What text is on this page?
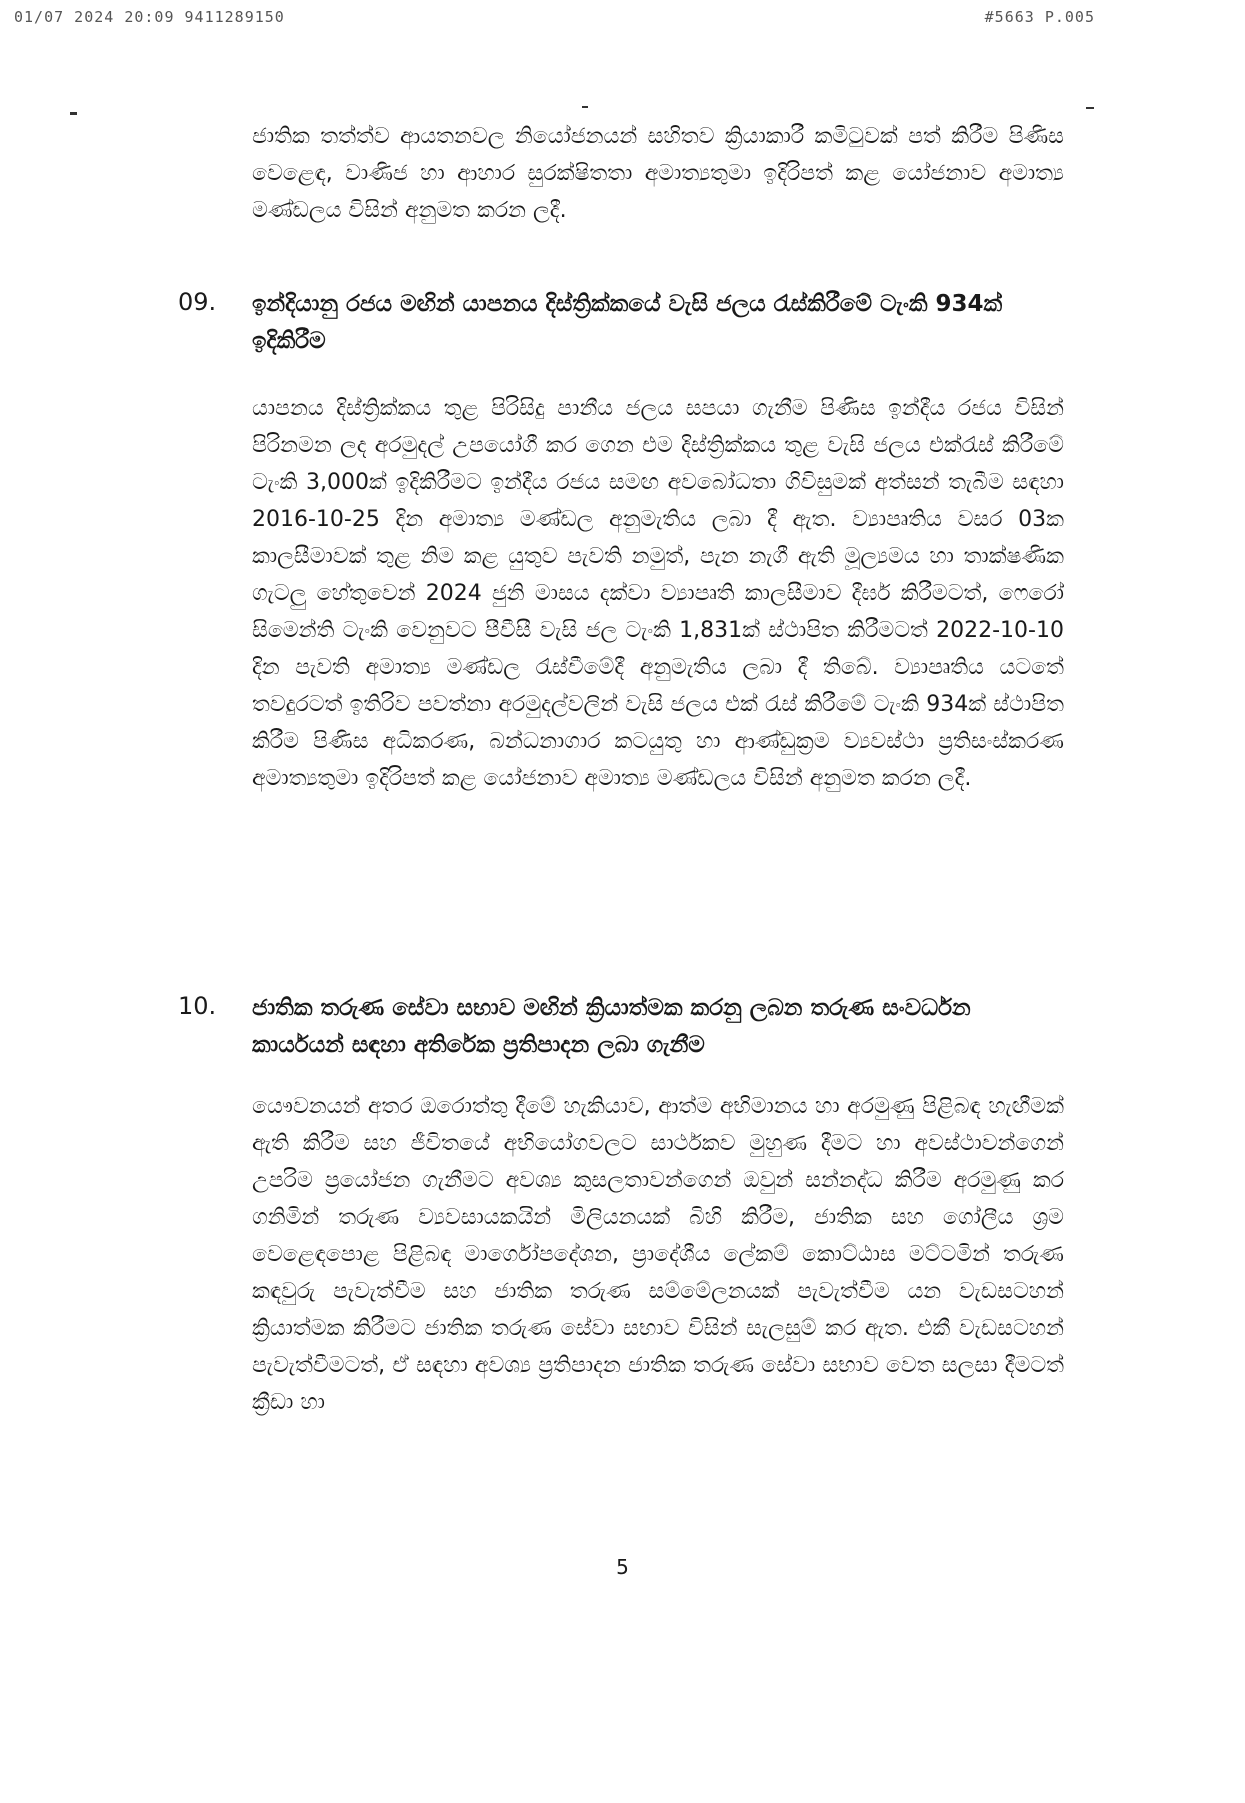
01/07 2024 20:09 9411289150	#5663 P.005

ජාතික තත්ත්ව ආයතනවල නියෝජනයන් සහිතව ක්‍රියාකාරී කමිටුවක් පත් කිරීම පිණිස වෙළෙඳ, වාණිජ හා ආහාර සුරක්ෂිතතා අමාත්‍යතුමා ඉදිරිපත් කළ යෝජනාව අමාත්‍ය මණ්ඩලය විසින් අනුමත කරන ලදී.

09. ඉන්දියානු රජය මඟින් යාපනය දිස්ත්‍රික්කයේ වැසි ජලය රැස්කිරීමේ ටැංකි 934ක් ඉදිකිරීම

යාපනය දිස්ත්‍රික්කය තුළ පිරිසිදු පානීය ජලය සපයා ගැනීම පිණිස ඉන්දීය රජය විසින් පිරිනමන ලද අරමුදල් උපයෝගී කර ගෙන එම දිස්ත්‍රික්කය තුළ වැසි ජලය එක්රැස් කිරීමේ ටැංකි 3,000ක් ඉදිකිරීමට ඉන්දීය රජය සමඟ අවබෝධතා ගිවිසුමක් අත්සන් තැබීම සඳහා 2016-10-25 දින අමාත්‍ය මණ්ඩල අනුමැතිය ලබා දී ඇත. ව්‍යාපෘතිය වසර 03ක කාලසීමාවක් තුළ නිම කළ යුතුව පැවති නමුත්, පැන නැගී ඇති මූල්‍යමය හා තාක්ෂණික ගැටලු හේතුවෙන් 2024 ජුනි මාසය දක්වා ව්‍යාපෘති කාලසීමාව දීර්ඝ කිරීමටත්, ෆෙරෝ සිමෙන්ති ටැංකි වෙනුවට පීවීසී වැසි ජල ටැංකි 1,831ක් ස්ථාපිත කිරීමටත් 2022-10-10 දින පැවති අමාත්‍ය මණ්ඩල රැස්වීමේදී අනුමැතිය ලබා දී තිබේ. ව්‍යාපෘතිය යටතේ තවදුරටත් ඉතිරිව පවත්නා අරමුදල්වලින් වැසි ජලය එක් රැස් කිරීමේ ටැංකි 934ක් ස්ථාපිත කිරීම පිණිස අධිකරණ, බන්ධනාගාර කටයුතු හා ආණ්ඩුක්‍රම ව්‍යවස්ථා ප්‍රතිසංස්කරණ අමාත්‍යතුමා ඉදිරිපත් කළ යෝජනාව අමාත්‍ය මණ්ඩලය විසින් අනුමත කරන ලදී.

10. ජාතික තරුණ සේවා සභාව මඟින් ක්‍රියාත්මක කරනු ලබන තරුණ සංවර්ධන කාර්යයන් සඳහා අතිරේක ප්‍රතිපාදන ලබා ගැනීම

යෞවනයන් අතර ඔරොත්තු දීමේ හැකියාව, ආත්ම අභිමානය හා අරමුණු පිළිබඳ හැඟීමක් ඇති කිරීම සහ ජීවිතයේ අභියෝගවලට සාර්ථකව මුහුණ දීමට හා අවස්ථාවන්ගෙන් උපරිම ප්‍රයෝජන ගැනීමට අවශ්‍ය කුසලතාවන්ගෙන් ඔවුන් සන්නද්ධ කිරීම අරමුණු කර ගනිමින් තරුණ ව්‍යවසායකයින් මිලියනයක් බිහි කිරීම, ජාතික සහ ගෝලීය ශ්‍රම වෙළෙඳපොළ පිළිබඳ මාර්ගෝපදේශන, ප්‍රාදේශීය ලේකම් කොට්ඨාස මට්ටමින් තරුණ කඳවුරු පැවැත්වීම සහ ජාතික තරුණ සම්මේලනයක් පැවැත්වීම යන වැඩසටහන් ක්‍රියාත්මක කිරීමට ජාතික තරුණ සේවා සභාව විසින් සැලසුම් කර ඇත. එකී වැඩසටහන් පැවැත්වීමටත්, ඒ සඳහා අවශ්‍ය ප්‍රතිපාදන ජාතික තරුණ සේවා සභාව වෙත සලසා දීමටත් ක්‍රීඩා හා

5
